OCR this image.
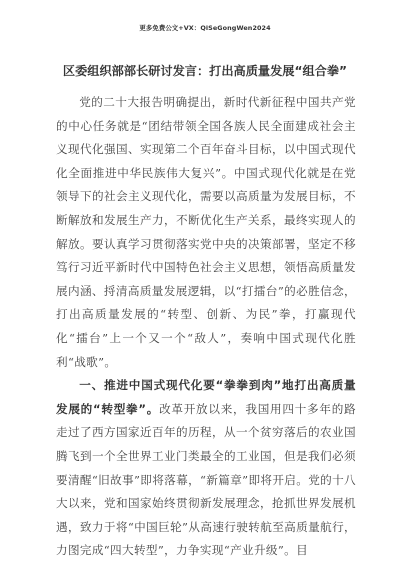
更多免费公文+VX：QiSeGongWen2024
区委组织部部长研讨发言：打出高质量发展“组合拳”

党的二十大报告明确提出，新时代新征程中国共产党的中心任务就是“团结带领全国各族人民全面建成社会主义现代化强国、实现第二个百年奋斗目标，以中国式现代化全面推进中华民族伟大复兴”。中国式现代化就是在党领导下的社会主义现代化，需要以高质量为发展目标，不断解放和发展生产力，不断优化生产关系，最终实现人的解放。要认真学习贯彻落实党中央的决策部署，坚定不移笃行习近平新时代中国特色社会主义思想，领悟高质量发展内涵、捋清高质量发展逻辑，以“打擂台”的必胜信念，打出高质量发展的“转型、创新、为民”拳，打赢现代化“擂台”上一个又一个“敌人”，奏响中国式现代化胜利“战歌”。

一、推进中国式现代化要“拳拳到肉”地打出高质量发展的“转型拳”。改革开放以来，我国用四十多年的路走过了西方国家近百年的历程，从一个贫穷落后的农业国腾飞到一个全世界工业门类最全的工业国，但是我们必须要清醒“旧故事”即将落幕，“新篇章”即将开启。党的十八大以来，党和国家始终贯彻新发展理念，抢抓世界发展机遇，致力于将“中国巨轮”从高速行驶转航至高质量航行，力图完成“四大转型”，力争实现“产业升级”。目
